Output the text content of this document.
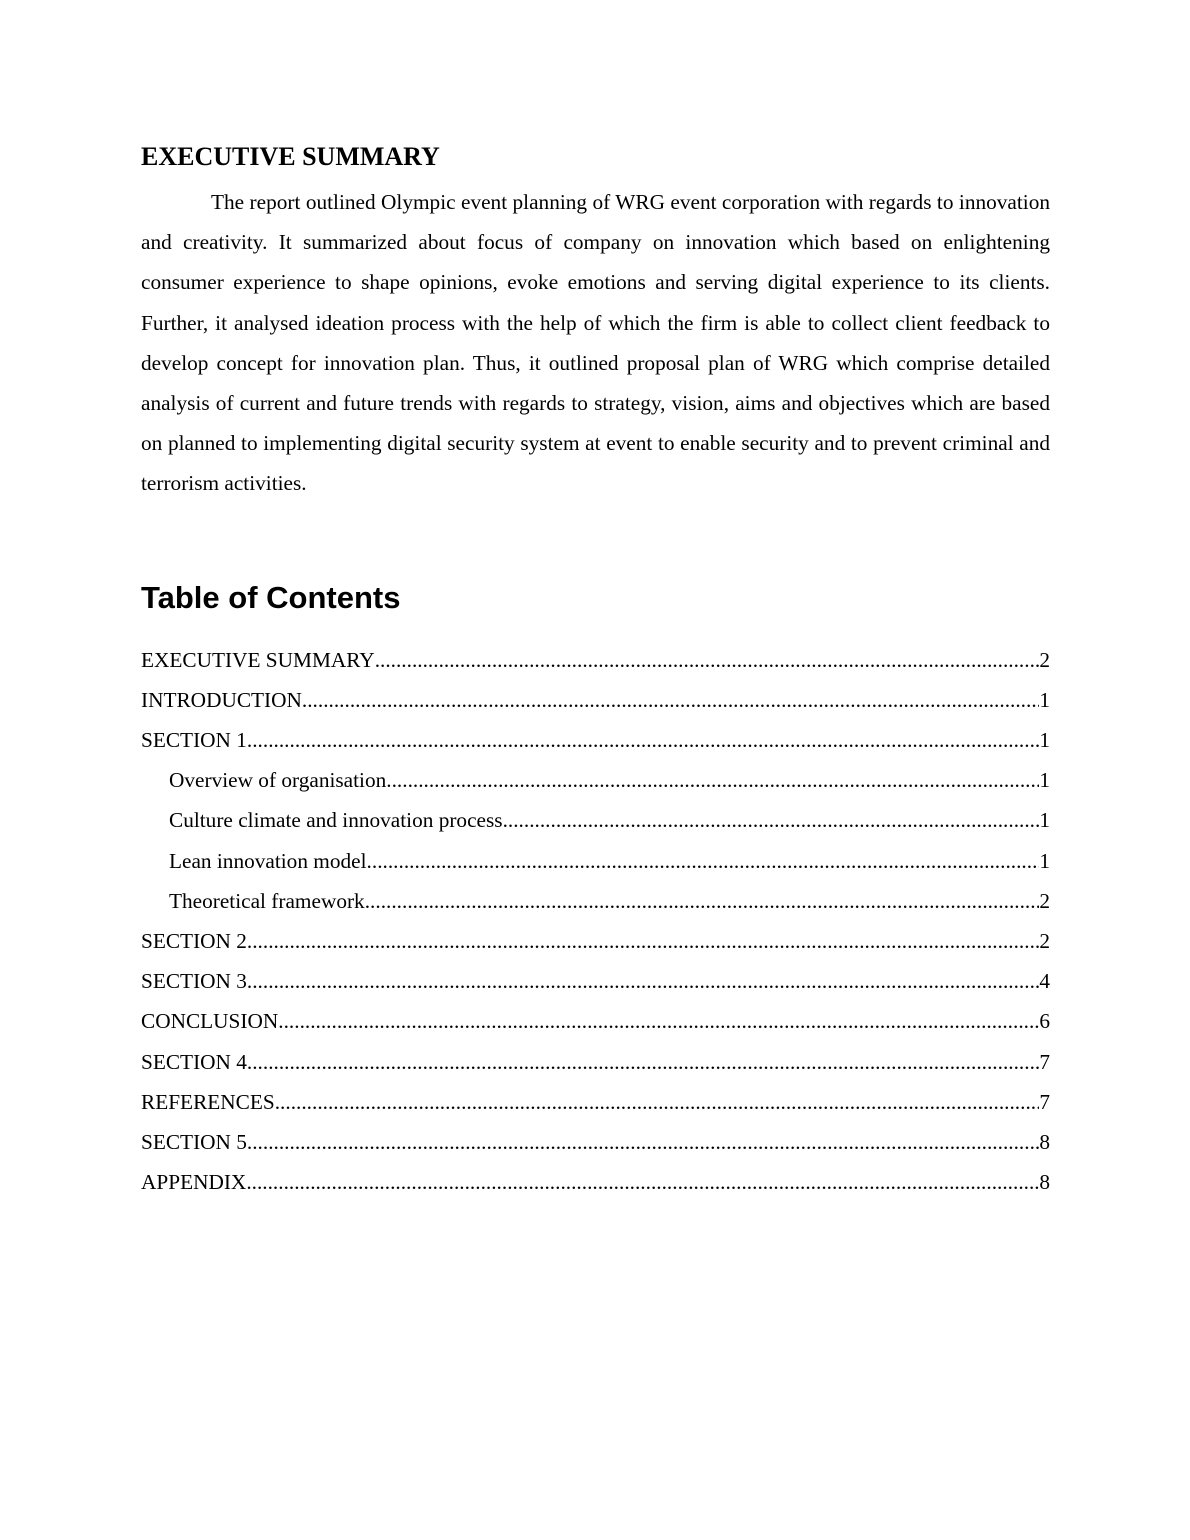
EXECUTIVE SUMMARY

The report outlined Olympic event planning of WRG event corporation with regards to innovation and creativity. It summarized about focus of company on innovation which based on enlightening consumer experience to shape opinions, evoke emotions and serving digital experience to its clients. Further, it analysed ideation process with the help of which the firm is able to collect client feedback to develop concept for innovation plan. Thus, it outlined proposal plan of WRG which comprise detailed analysis of current and future trends with regards to strategy, vision, aims and objectives which are based on planned to implementing digital security system at event to enable security and to prevent criminal and terrorism activities.

Table of Contents
EXECUTIVE SUMMARY .....	2
INTRODUCTION .....	1
SECTION 1 .....	1
Overview of organisation .....	1
Culture climate and innovation process .....	1
Lean innovation model .....	1
Theoretical framework .....	2
SECTION 2 .....	2
SECTION 3 .....	4
CONCLUSION .....	6
SECTION 4 .....	7
REFERENCES .....	7
SECTION 5 .....	8
APPENDIX .....	8
